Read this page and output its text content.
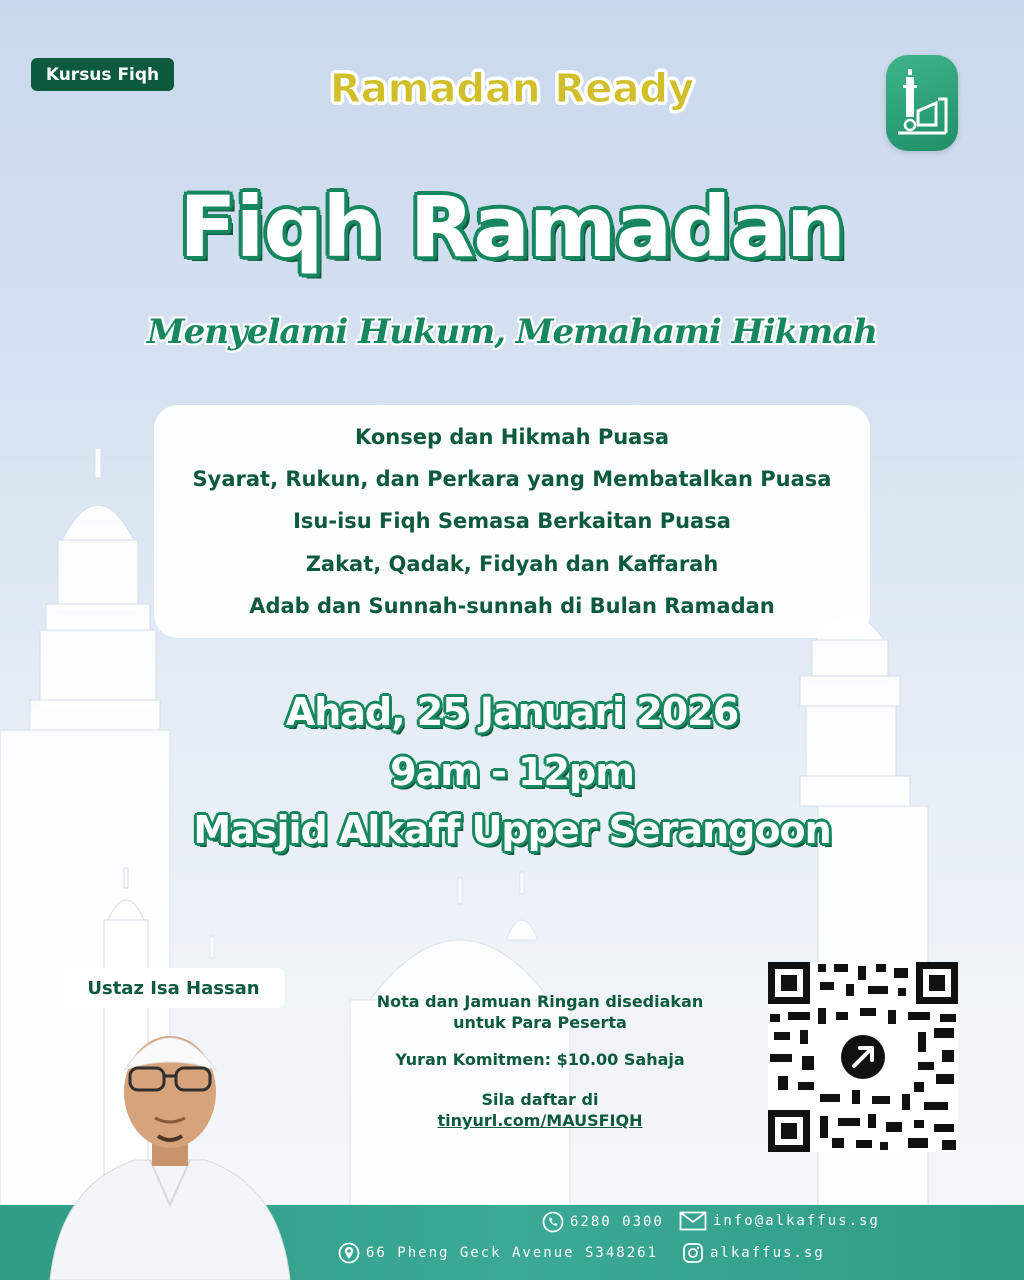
Kursus Fiqh	Ramadan Ready
Fiqh Ramadan
Menyelami Hukum, Memahami Hikmah
Konsep dan Hikmah Puasa
Syarat, Rukun, dan Perkara yang Membatalkan Puasa
Isu-isu Fiqh Semasa Berkaitan Puasa
Zakat, Qadak, Fidyah dan Kaffarah
Adab dan Sunnah-sunnah di Bulan Ramadan
Ahad, 25 Januari 2026
9am - 12pm
Masjid Alkaff Upper Serangoon
Ustaz Isa Hassan
Nota dan Jamuan Ringan disediakan
untuk Para Peserta
Yuran Komitmen: $10.00 Sahaja
Sila daftar di
tinyurl.com/MAUSFIQH
6280 0300	info@alkaffus.sg
66 Pheng Geck Avenue S348261	alkaffus.sg
